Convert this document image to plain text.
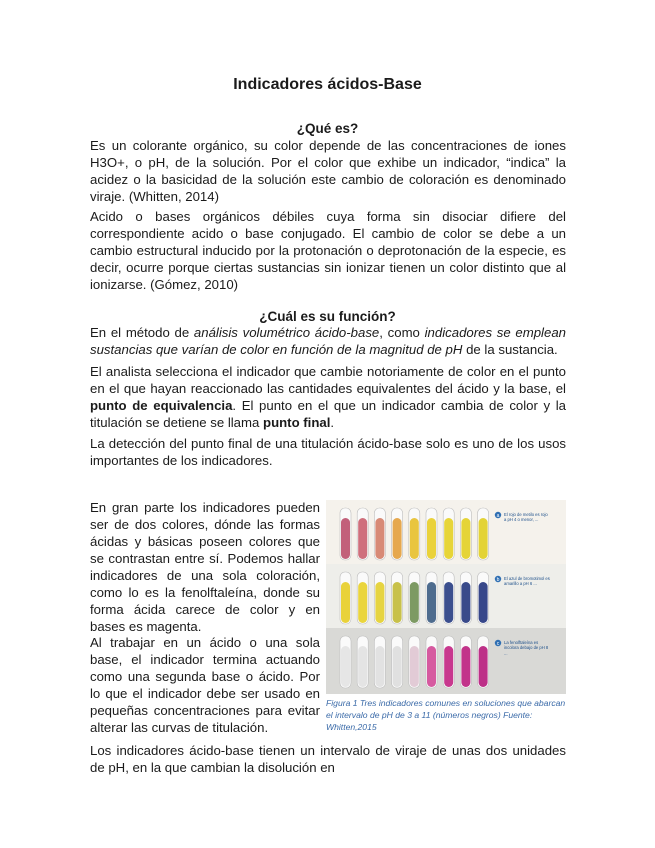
Indicadores ácidos-Base
¿Qué es?

Es un colorante orgánico, su color depende de las concentraciones de iones H3O+, o pH, de la solución. Por el color que exhibe un indicador, “indica” la acidez o la basicidad de la solución este cambio de coloración es denominado viraje. (Whitten, 2014)

Acido o bases orgánicos débiles cuya forma sin disociar difiere del correspondiente acido o base conjugado. El cambio de color se debe a un cambio estructural inducido por la protonación o deprotonación de la especie, es decir, ocurre porque ciertas sustancias sin ionizar tienen un color distinto que al ionizarse. (Gómez, 2010)

¿Cuál es su función?

En el método de análisis volumétrico ácido-base, como indicadores se emplean sustancias que varían de color en función de la magnitud de pH de la sustancia.

El analista selecciona el indicador que cambie notoriamente de color en el punto en el que hayan reaccionado las cantidades equivalentes del ácido y la base, el punto de equivalencia. El punto en el que un indicador cambia de color y la titulación se detiene se llama punto final.

La detección del punto final de una titulación ácido-base solo es uno de los usos importantes de los indicadores.

En gran parte los indicadores pueden ser de dos colores, dónde las formas ácidas y básicas poseen colores que se contrastan entre sí. Podemos hallar indicadores de una sola coloración, como lo es la fenolftaleína, donde su forma ácida carece de color y en bases es magenta.

Al trabajar en un ácido o una sola base, el indicador termina actuando como una segunda base o ácido. Por lo que el indicador debe ser usado en pequeñas concentraciones para evitar alterar las curvas de titulación.

Los indicadores ácido-base tienen un intervalo de viraje de unas dos unidades de pH, en la que cambian la disolución en

a El rojo de metilo es rojo
a pH 4 o menor, ...
b El azul de bromotimol es
amarillo a pH 6 ...
c La fenolftaleína es
incolora debajo de pH 8
...
Figura 1 Tres indicadores comunes en soluciones que abarcan el intervalo de pH de 3 a 11 (números negros) Fuente: Whitten,2015
